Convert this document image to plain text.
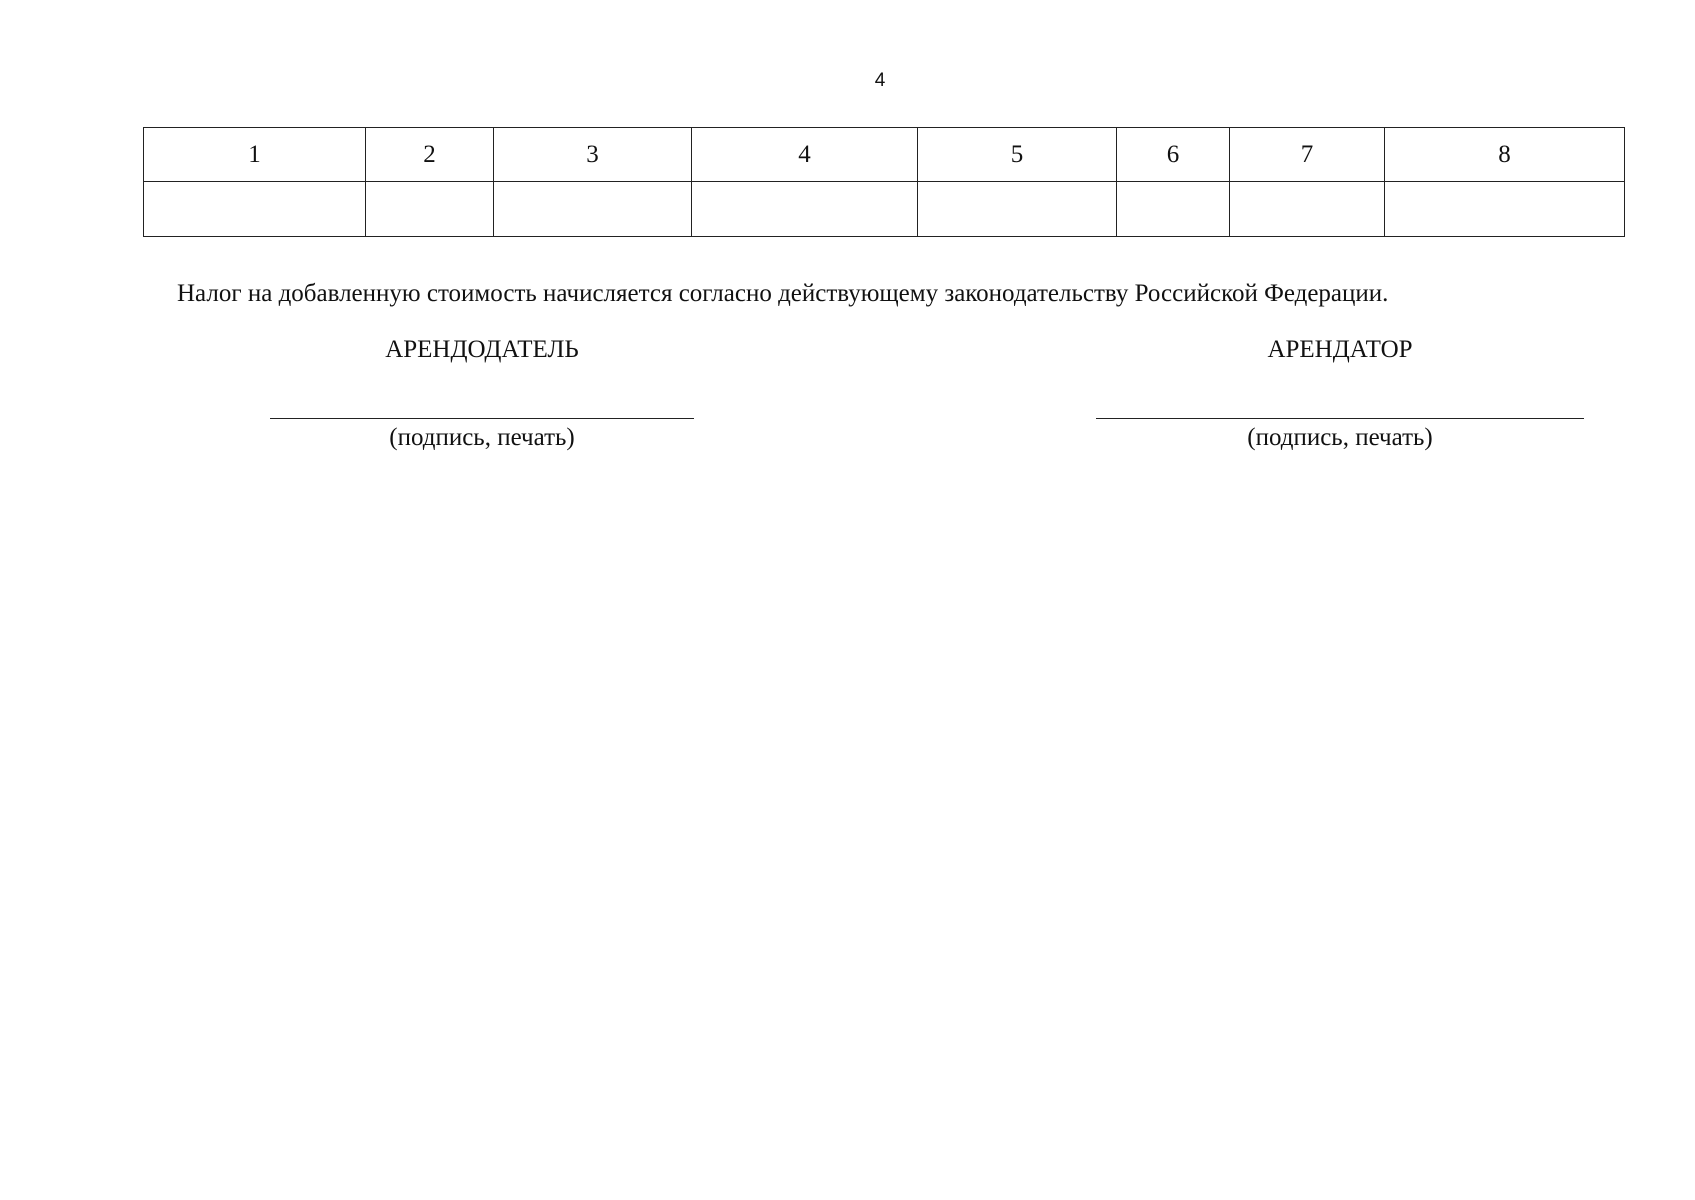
4
1	2	3	4	5	6	7	8

Налог на добавленную стоимость начисляется согласно действующему законодательству Российской Федерации.
АРЕНДОДАТЕЛЬ	АРЕНДАТОР
(подпись, печать)	(подпись, печать)
